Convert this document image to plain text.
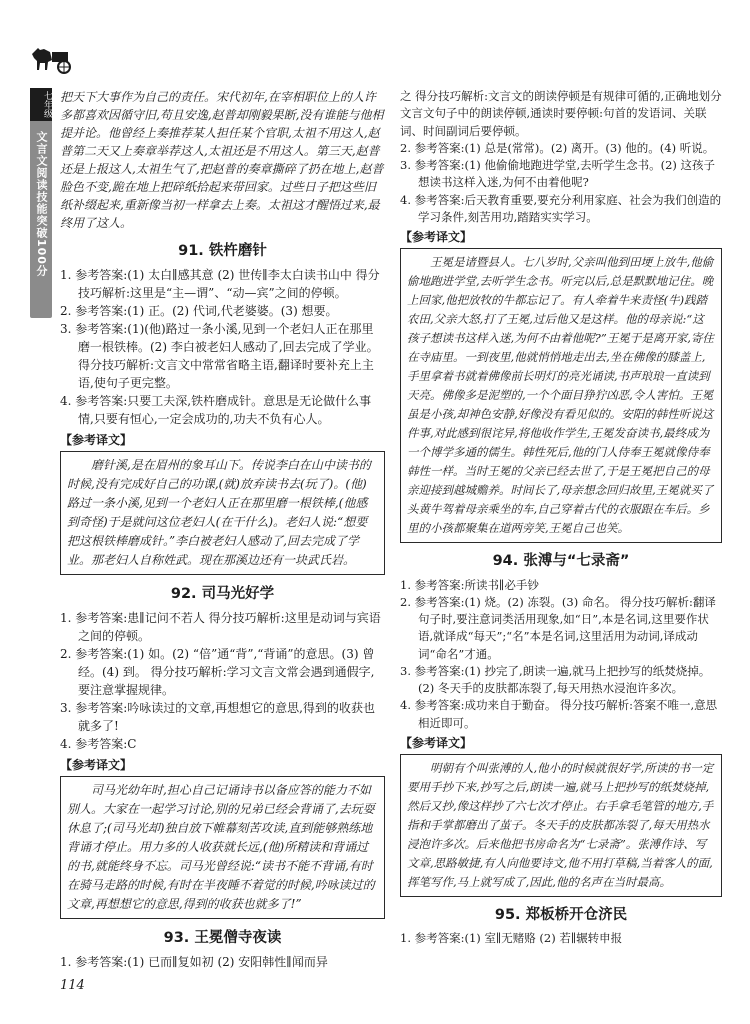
七年级
文言文阅读技能突破100分
把天下大事作为自己的责任。宋代初年,在宰相职位上的人许多都喜欢因循守旧,苟且安逸,赵普却刚毅果断,没有谁能与他相提并论。他曾经上奏推荐某人担任某个官职,太祖不用这人,赵普第二天又上奏章举荐这人,太祖还是不用这人。第三天,赵普还是上报这人,太祖生气了,把赵普的奏章撕碎了扔在地上,赵普脸色不变,跪在地上把碎纸拾起来带回家。过些日子把这些旧纸补缀起来,重新像当初一样拿去上奏。太祖这才醒悟过来,最终用了这人。
91. 铁杵磨针

1. 参考答案:(1) 太白∥感其意 (2) 世传∥李太白读书山中 得分技巧解析:这里是“主—谓”、“动—宾”之间的停顿。

2. 参考答案:(1) 正。(2) 代词,代老婆婆。(3) 想要。

3. 参考答案:(1)(他)路过一条小溪,见到一个老妇人正在那里磨一根铁棒。(2) 李白被老妇人感动了,回去完成了学业。 得分技巧解析:文言文中常常省略主语,翻译时要补充上主语,使句子更完整。

4. 参考答案:只要工夫深,铁杵磨成针。意思是无论做什么事情,只要有恒心,一定会成功的,功夫不负有心人。

【参考译文】
磨针溪,是在眉州的象耳山下。传说李白在山中读书的时候,没有完成好自己的功课,(就)放弃读书去(玩了)。(他)路过一条小溪,见到一个老妇人正在那里磨一根铁棒,(他感到奇怪)于是就问这位老妇人(在干什么)。老妇人说:“想要把这根铁棒磨成针。”李白被老妇人感动了,回去完成了学业。那老妇人自称姓武。现在那溪边还有一块武氏岩。
92. 司马光好学

1. 参考答案:患∥记问不若人 得分技巧解析:这里是动词与宾语之间的停顿。

2. 参考答案:(1) 如。(2) “倍”通“背”,“背诵”的意思。(3) 曾经。(4) 到。 得分技巧解析:学习文言文常会遇到通假字,要注意掌握规律。

3. 参考答案:吟咏读过的文章,再想想它的意思,得到的收获也就多了!

4. 参考答案:C

【参考译文】
司马光幼年时,担心自己记诵诗书以备应答的能力不如别人。大家在一起学习讨论,别的兄弟已经会背诵了,去玩耍休息了;(司马光却)独自放下帷幕刻苦攻读,直到能够熟练地背诵才停止。用力多的人收获就长远,(他)所精读和背诵过的书,就能终身不忘。司马光曾经说:“读书不能不背诵,有时在骑马走路的时候,有时在半夜睡不着觉的时候,吟咏读过的文章,再想想它的意思,得到的收获也就多了!”
93. 王冕僧寺夜读

1. 参考答案:(1) 已而∥复如初 (2) 安阳韩性∥闻而异

之 得分技巧解析:文言文的朗读停顿是有规律可循的,正确地划分文言文句子中的朗读停顿,通读时要停顿:句首的发语词、关联词、时间副词后要停顿。

2. 参考答案:(1) 总是(常常)。(2) 离开。(3) 他的。(4) 听说。

3. 参考答案:(1) 他偷偷地跑进学堂,去听学生念书。(2) 这孩子想读书这样入迷,为何不由着他呢?

4. 参考答案:后天教育重要,要充分利用家庭、社会为我们创造的学习条件,刻苦用功,踏踏实实学习。

【参考译文】
王冕是诸暨县人。七八岁时,父亲叫他到田埂上放牛,他偷偷地跑进学堂,去听学生念书。听完以后,总是默默地记住。晚上回家,他把放牧的牛都忘记了。有人牵着牛来责怪(牛)践踏农田,父亲大怒,打了王冕,过后他又是这样。他的母亲说:“这孩子想读书这样入迷,为何不由着他呢?”王冕于是离开家,寄住在寺庙里。一到夜里,他就悄悄地走出去,坐在佛像的膝盖上,手里拿着书就着佛像前长明灯的亮光诵读,书声琅琅一直读到天亮。佛像多是泥塑的,一个个面目狰狞凶恶,令人害怕。王冕虽是小孩,却神色安静,好像没有看见似的。安阳的韩性听说这件事,对此感到很诧异,将他收作学生,王冕发奋读书,最终成为一个博学多通的儒生。韩性死后,他的门人侍奉王冕就像侍奉韩性一样。当时王冕的父亲已经去世了,于是王冕把自己的母亲迎接到越城赡养。时间长了,母亲想念回归故里,王冕就买了头黄牛驾着母亲乘坐的车,自己穿着古代的衣服跟在车后。乡里的小孩都聚集在道两旁笑,王冕自己也笑。
94. 张溥与“七录斋”

1. 参考答案:所读书∥必手钞

2. 参考答案:(1) 烧。(2) 冻裂。(3) 命名。 得分技巧解析:翻译句子时,要注意词类活用现象,如“日”,本是名词,这里要作状语,就译成“每天”;“名”本是名词,这里活用为动词,译成动词“命名”才通。

3. 参考答案:(1) 抄完了,朗读一遍,就马上把抄写的纸焚烧掉。(2) 冬天手的皮肤都冻裂了,每天用热水浸泡许多次。

4. 参考答案:成功来自于勤奋。 得分技巧解析:答案不唯一,意思相近即可。

【参考译文】
明朝有个叫张溥的人,他小的时候就很好学,所读的书一定要用手抄下来,抄写之后,朗读一遍,就马上把抄写的纸焚烧掉,然后又抄,像这样抄了六七次才停止。右手拿毛笔管的地方,手指和手掌都磨出了茧子。冬天手的皮肤都冻裂了,每天用热水浸泡许多次。后来他把书房命名为“七录斋”。张溥作诗、写文章,思路敏捷,有人向他要诗文,他不用打草稿,当着客人的面,挥笔写作,马上就写成了,因此,他的名声在当时最高。
95. 郑板桥开仓济民

1. 参考答案:(1) 室∥无赌赂 (2) 若∥辗转申报

114
